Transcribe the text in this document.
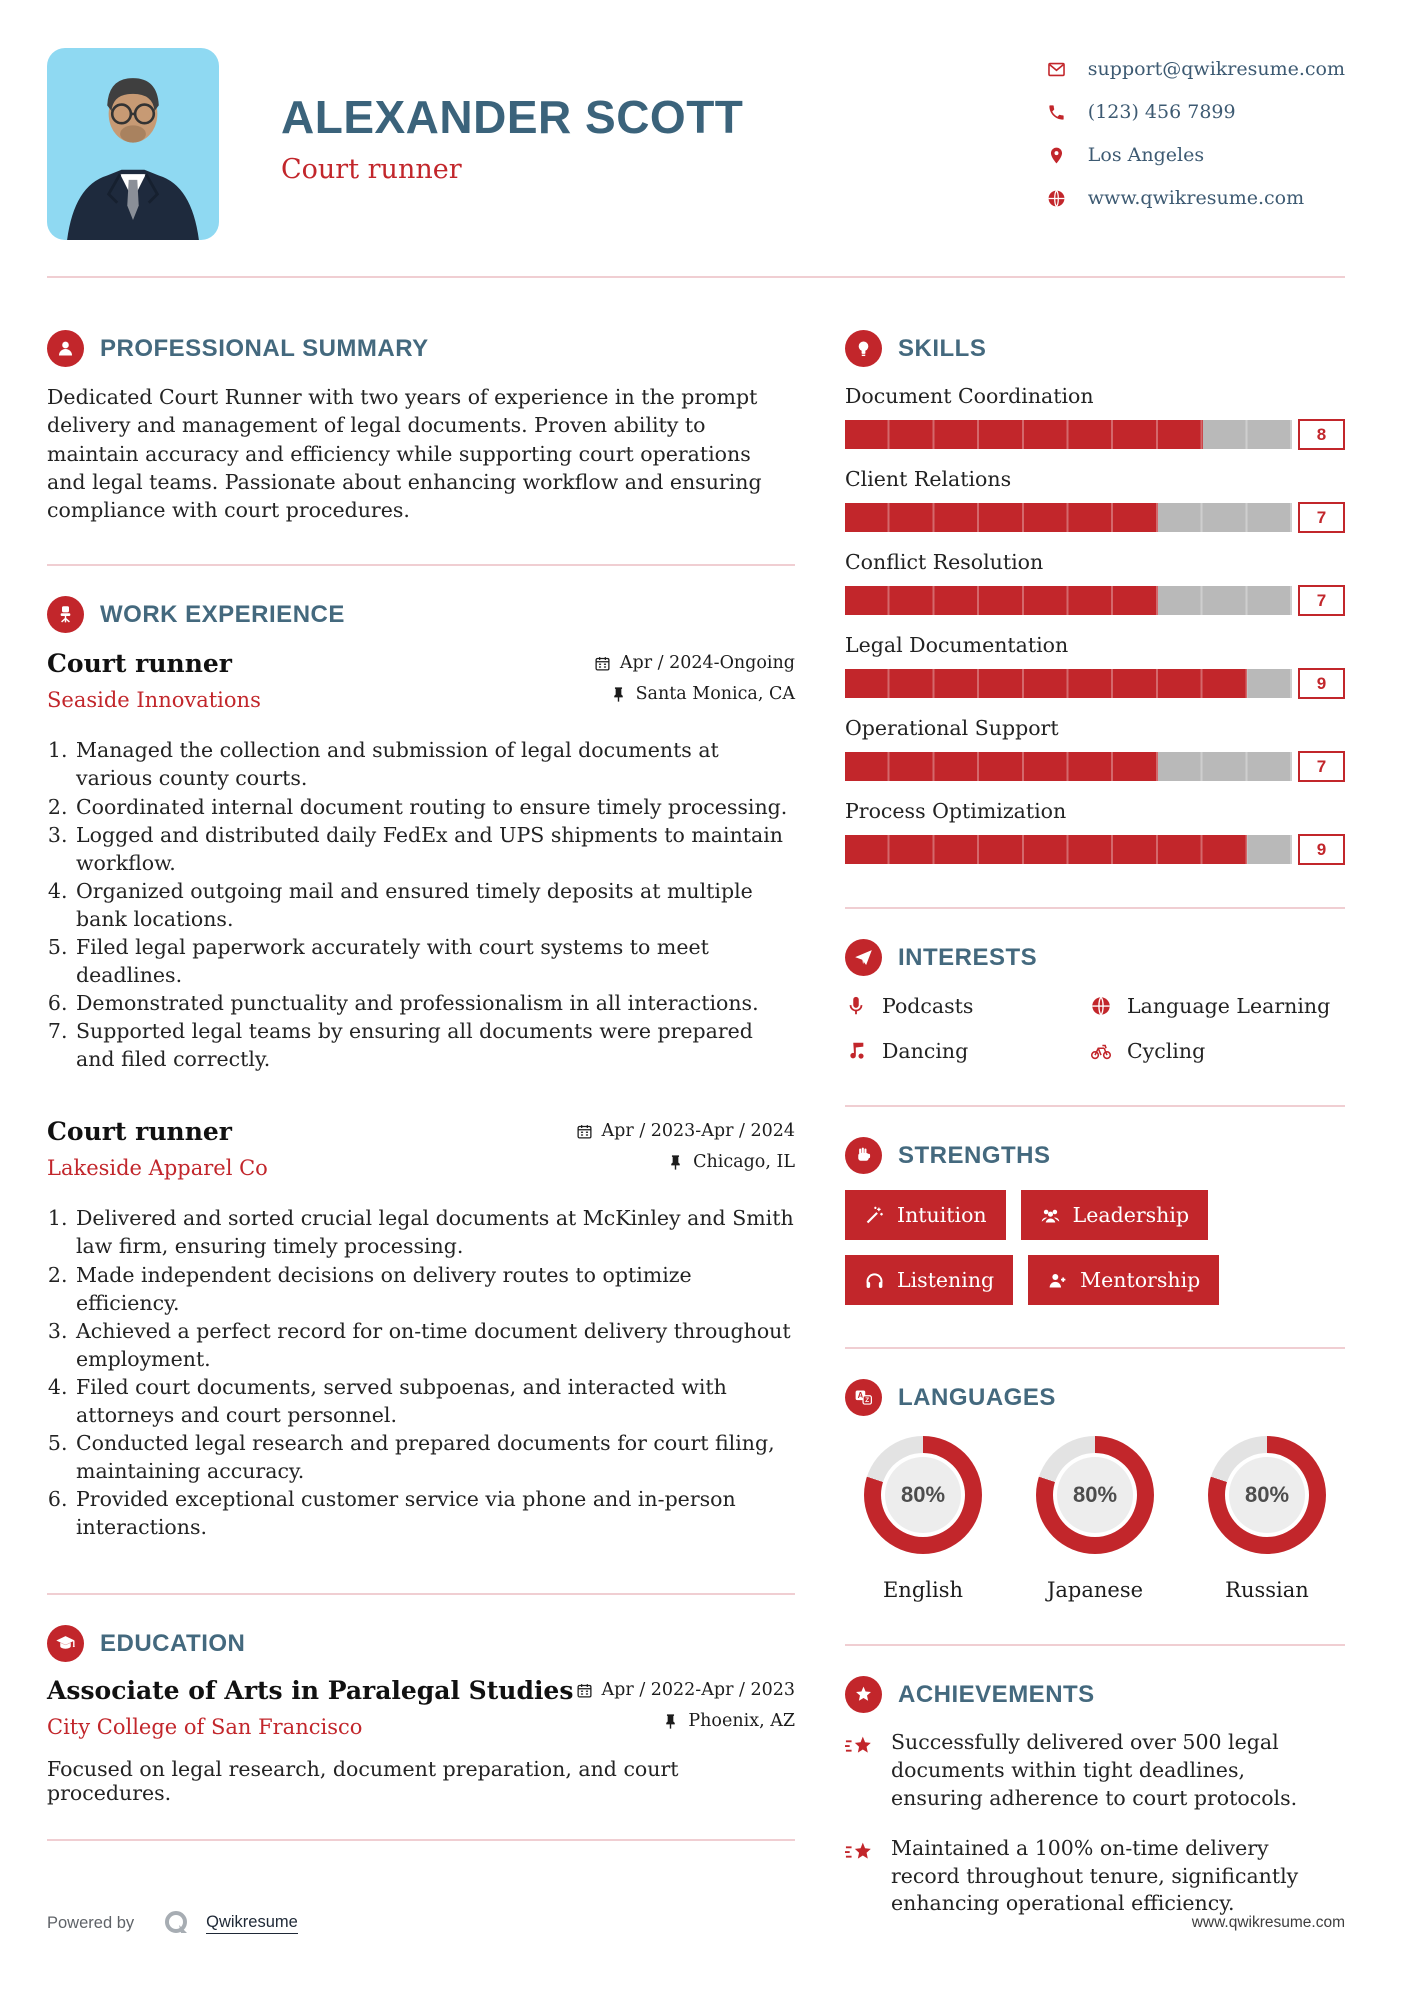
ALEXANDER SCOTT
Court runner
support@qwikresume.com
(123) 456 7899
Los Angeles
www.qwikresume.com
PROFESSIONAL SUMMARY

Dedicated Court Runner with two years of experience in the prompt delivery and management of legal documents. Proven ability to maintain accuracy and efficiency while supporting court operations and legal teams. Passionate about enhancing workflow and ensuring compliance with court procedures.

WORK EXPERIENCE
Court runner
Seaside Innovations
Apr / 2024-Ongoing
Santa Monica, CA
1. Managed the collection and submission of legal documents at various county courts.
2. Coordinated internal document routing to ensure timely processing.
3. Logged and distributed daily FedEx and UPS shipments to maintain workflow.
4. Organized outgoing mail and ensured timely deposits at multiple bank locations.
5. Filed legal paperwork accurately with court systems to meet deadlines.
6. Demonstrated punctuality and professionalism in all interactions.
7. Supported legal teams by ensuring all documents were prepared and filed correctly.
Court runner
Lakeside Apparel Co
Apr / 2023-Apr / 2024
Chicago, IL
1. Delivered and sorted crucial legal documents at McKinley and Smith law firm, ensuring timely processing.
2. Made independent decisions on delivery routes to optimize efficiency.
3. Achieved a perfect record for on-time document delivery throughout employment.
4. Filed court documents, served subpoenas, and interacted with attorneys and court personnel.
5. Conducted legal research and prepared documents for court filing, maintaining accuracy.
6. Provided exceptional customer service via phone and in-person interactions.
EDUCATION
Associate of Arts in Paralegal Studies
City College of San Francisco
Apr / 2022-Apr / 2023
Phoenix, AZ

Focused on legal research, document preparation, and court procedures.

SKILLS
Document Coordination
8
Client Relations
7
Conflict Resolution
7
Legal Documentation
9
Operational Support
7
Process Optimization
9
INTERESTS
Podcasts	Language Learning
Dancing	Cycling
STRENGTHS
Intuition	Leadership
Listening	Mentorship
A
Z LANGUAGES
80%
English
80%
Japanese
80%
Russian
ACHIEVEMENTS
Successfully delivered over 500 legal documents within tight deadlines, ensuring adherence to court protocols.
Maintained a 100% on-time delivery record throughout tenure, significantly enhancing operational efficiency.
Powered by	Qwikresume	www.qwikresume.com
